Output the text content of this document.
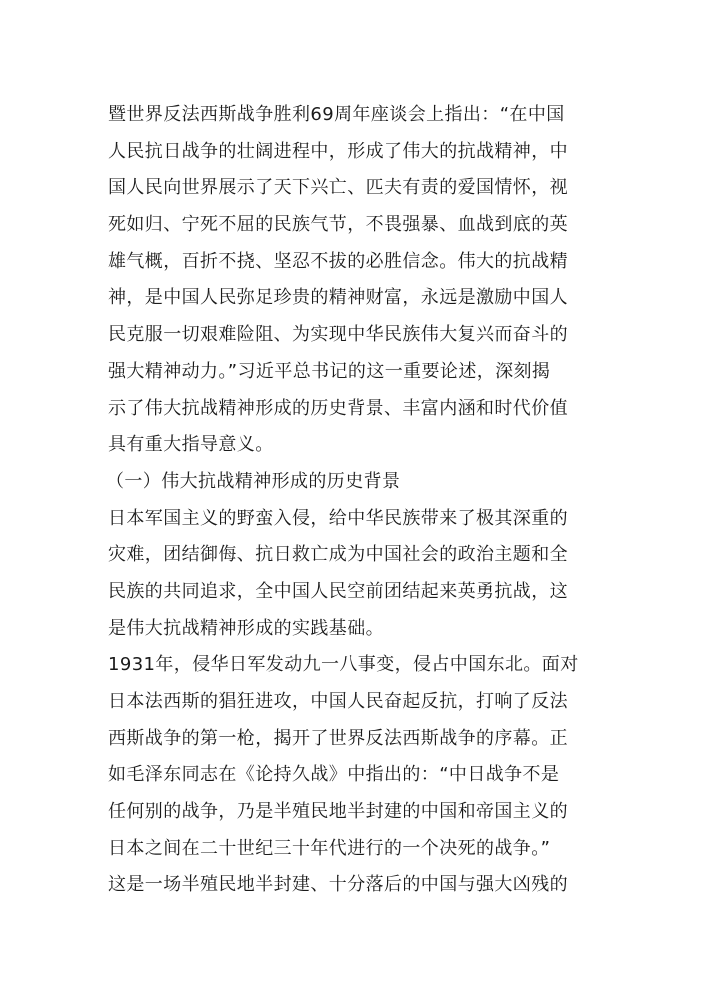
暨世界反法西斯战争胜利69周年座谈会上指出：“在中国
人民抗日战争的壮阔进程中，形成了伟大的抗战精神，中
国人民向世界展示了天下兴亡、匹夫有责的爱国情怀，视
死如归、宁死不屈的民族气节，不畏强暴、血战到底的英
雄气概，百折不挠、坚忍不拔的必胜信念。伟大的抗战精
神，是中国人民弥足珍贵的精神财富，永远是激励中国人
民克服一切艰难险阻、为实现中华民族伟大复兴而奋斗的
强大精神动力。”习近平总书记的这一重要论述，深刻揭
示了伟大抗战精神形成的历史背景、丰富内涵和时代价值
具有重大指导意义。
（一）伟大抗战精神形成的历史背景
日本军国主义的野蛮入侵，给中华民族带来了极其深重的
灾难，团结御侮、抗日救亡成为中国社会的政治主题和全
民族的共同追求，全中国人民空前团结起来英勇抗战，这
是伟大抗战精神形成的实践基础。
1931年，侵华日军发动九一八事变，侵占中国东北。面对
日本法西斯的猖狂进攻，中国人民奋起反抗，打响了反法
西斯战争的第一枪，揭开了世界反法西斯战争的序幕。正
如毛泽东同志在《论持久战》中指出的：“中日战争不是
任何别的战争，乃是半殖民地半封建的中国和帝国主义的
日本之间在二十世纪三十年代进行的一个决死的战争。”
这是一场半殖民地半封建、十分落后的中国与强大凶残的
